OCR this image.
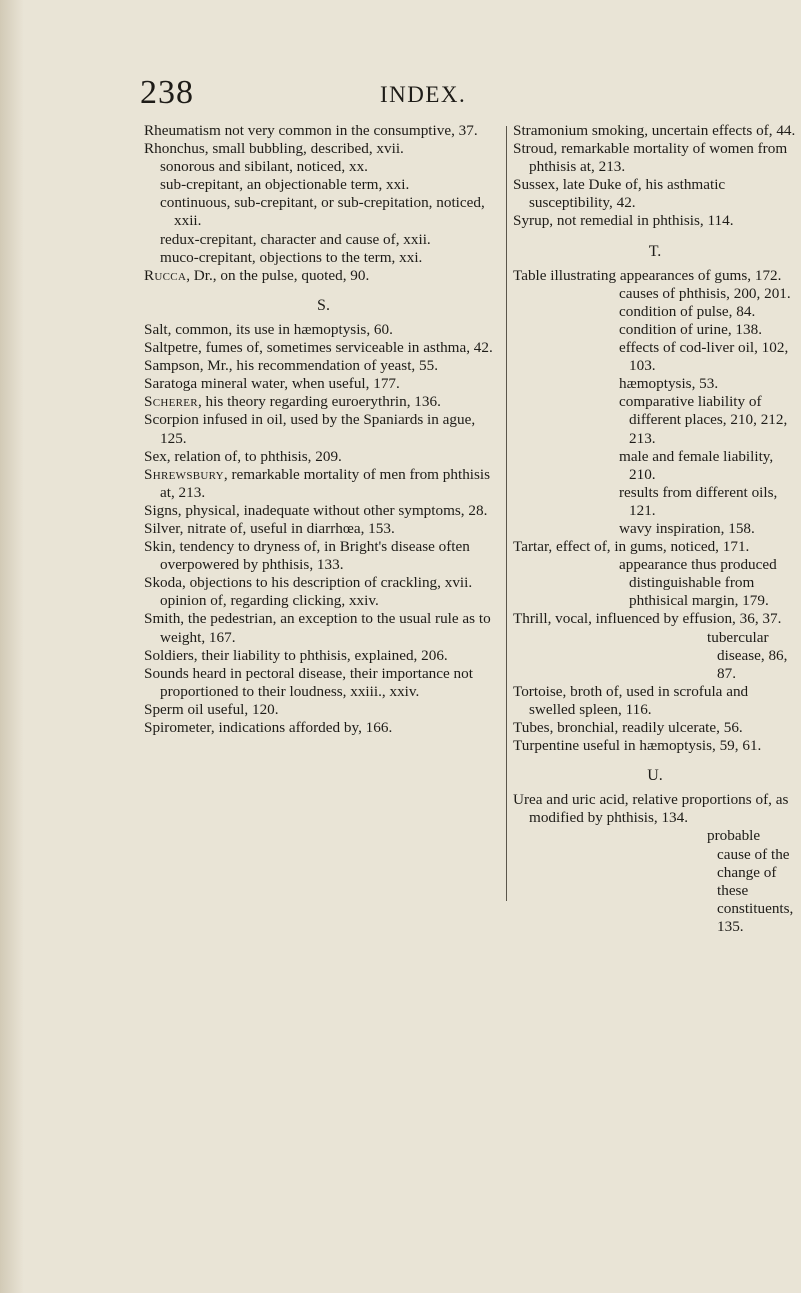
238	INDEX.

Rheumatism not very common in the consumptive, 37.

Rhonchus, small bubbling, described, xvii.

sonorous and sibilant, noticed, xx.

sub-crepitant, an objectionable term, xxi.

continuous, sub-crepitant, or sub-crepitation, noticed, xxii.

redux-crepitant, character and cause of, xxii.

muco-crepitant, objections to the term, xxi.

Rucca, Dr., on the pulse, quoted, 90.

S.

Salt, common, its use in hæmoptysis, 60.

Saltpetre, fumes of, sometimes serviceable in asthma, 42.

Sampson, Mr., his recommendation of yeast, 55.

Saratoga mineral water, when useful, 177.

Scherer, his theory regarding euroerythrin, 136.

Scorpion infused in oil, used by the Spaniards in ague, 125.

Sex, relation of, to phthisis, 209.

Shrewsbury, remarkable mortality of men from phthisis at, 213.

Signs, physical, inadequate without other symptoms, 28.

Silver, nitrate of, useful in diarrhœa, 153.

Skin, tendency to dryness of, in Bright's disease often overpowered by phthisis, 133.

Skoda, objections to his description of crackling, xvii.

opinion of, regarding clicking, xxiv.

Smith, the pedestrian, an exception to the usual rule as to weight, 167.

Soldiers, their liability to phthisis, explained, 206.

Sounds heard in pectoral disease, their importance not proportioned to their loudness, xxiii., xxiv.

Sperm oil useful, 120.

Spirometer, indications afforded by, 166.

Stramonium smoking, uncertain effects of, 44.

Stroud, remarkable mortality of women from phthisis at, 213.

Sussex, late Duke of, his asthmatic susceptibility, 42.

Syrup, not remedial in phthisis, 114.

T.

Table illustrating appearances of gums, 172.

causes of phthisis, 200, 201.

condition of pulse, 84.

condition of urine, 138.

effects of cod-liver oil, 102, 103.

hæmoptysis, 53.

comparative liability of different places, 210, 212, 213.

male and female liability, 210.

results from different oils, 121.

wavy inspiration, 158.

Tartar, effect of, in gums, noticed, 171.

appearance thus produced distinguishable from phthisical margin, 179.

Thrill, vocal, influenced by effusion, 36, 37.

tubercular disease, 86, 87.

Tortoise, broth of, used in scrofula and swelled spleen, 116.

Tubes, bronchial, readily ulcerate, 56.

Turpentine useful in hæmoptysis, 59, 61.

U.

Urea and uric acid, relative proportions of, as modified by phthisis, 134.

probable cause of the change of these constituents, 135.
